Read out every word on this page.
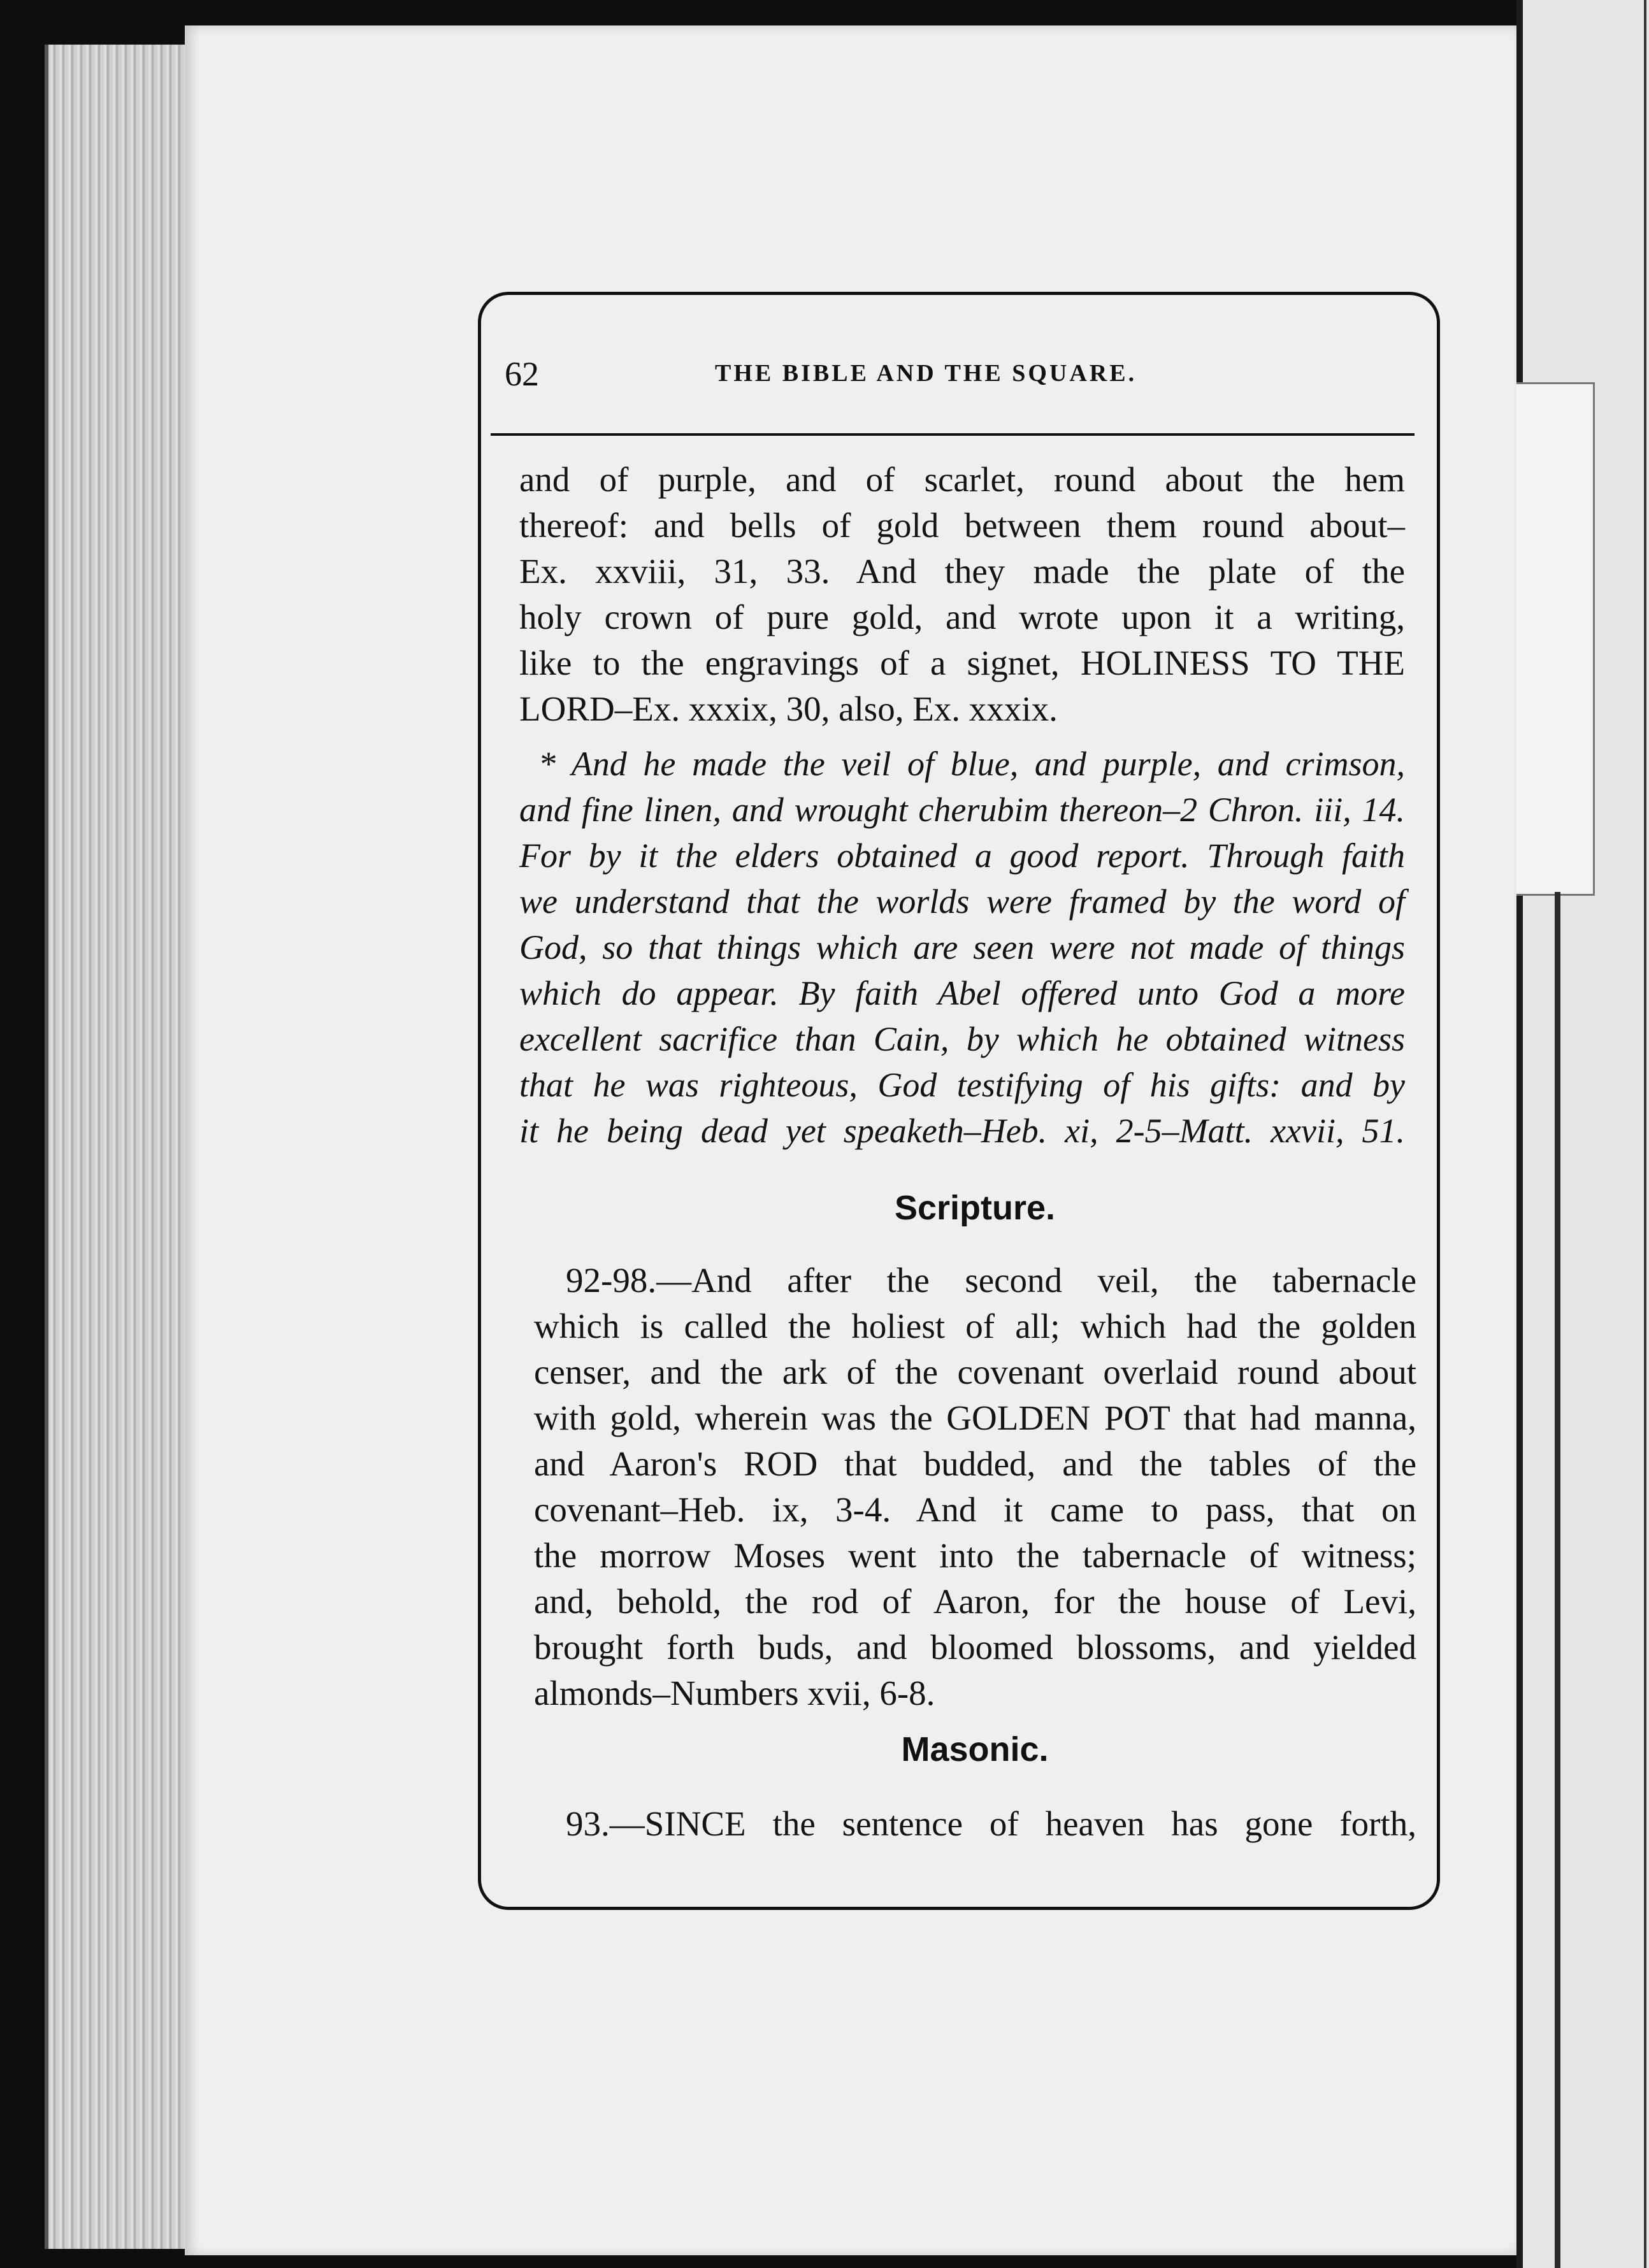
62	THE BIBLE AND THE SQUARE.
and of purple, and of scarlet, round about the hem
thereof: and bells of gold between them round about–
Ex. xxviii, 31, 33. And they made the plate of the
holy crown of pure gold, and wrote upon it a writing,
like to the engravings of a signet, HOLINESS TO THE
LORD–Ex. xxxix, 30, also, Ex. xxxix.
* And he made the veil of blue, and purple, and crimson,
and fine linen, and wrought cherubim thereon–2 Chron. iii, 14.
For by it the elders obtained a good report. Through faith
we understand that the worlds were framed by the word of
God, so that things which are seen were not made of things
which do appear. By faith Abel offered unto God a more
excellent sacrifice than Cain, by which he obtained witness
that he was righteous, God testifying of his gifts: and by
it he being dead yet speaketh–Heb. xi, 2-5–Matt. xxvii, 51.
Scripture.
92-98.—And after the second veil, the tabernacle
which is called the holiest of all; which had the golden
censer, and the ark of the covenant overlaid round about
with gold, wherein was the GOLDEN POT that had manna,
and Aaron's ROD that budded, and the tables of the
covenant–Heb. ix, 3-4. And it came to pass, that on
the morrow Moses went into the tabernacle of witness;
and, behold, the rod of Aaron, for the house of Levi,
brought forth buds, and bloomed blossoms, and yielded
almonds–Numbers xvii, 6-8.
Masonic.
93.—SINCE the sentence of heaven has gone forth,
